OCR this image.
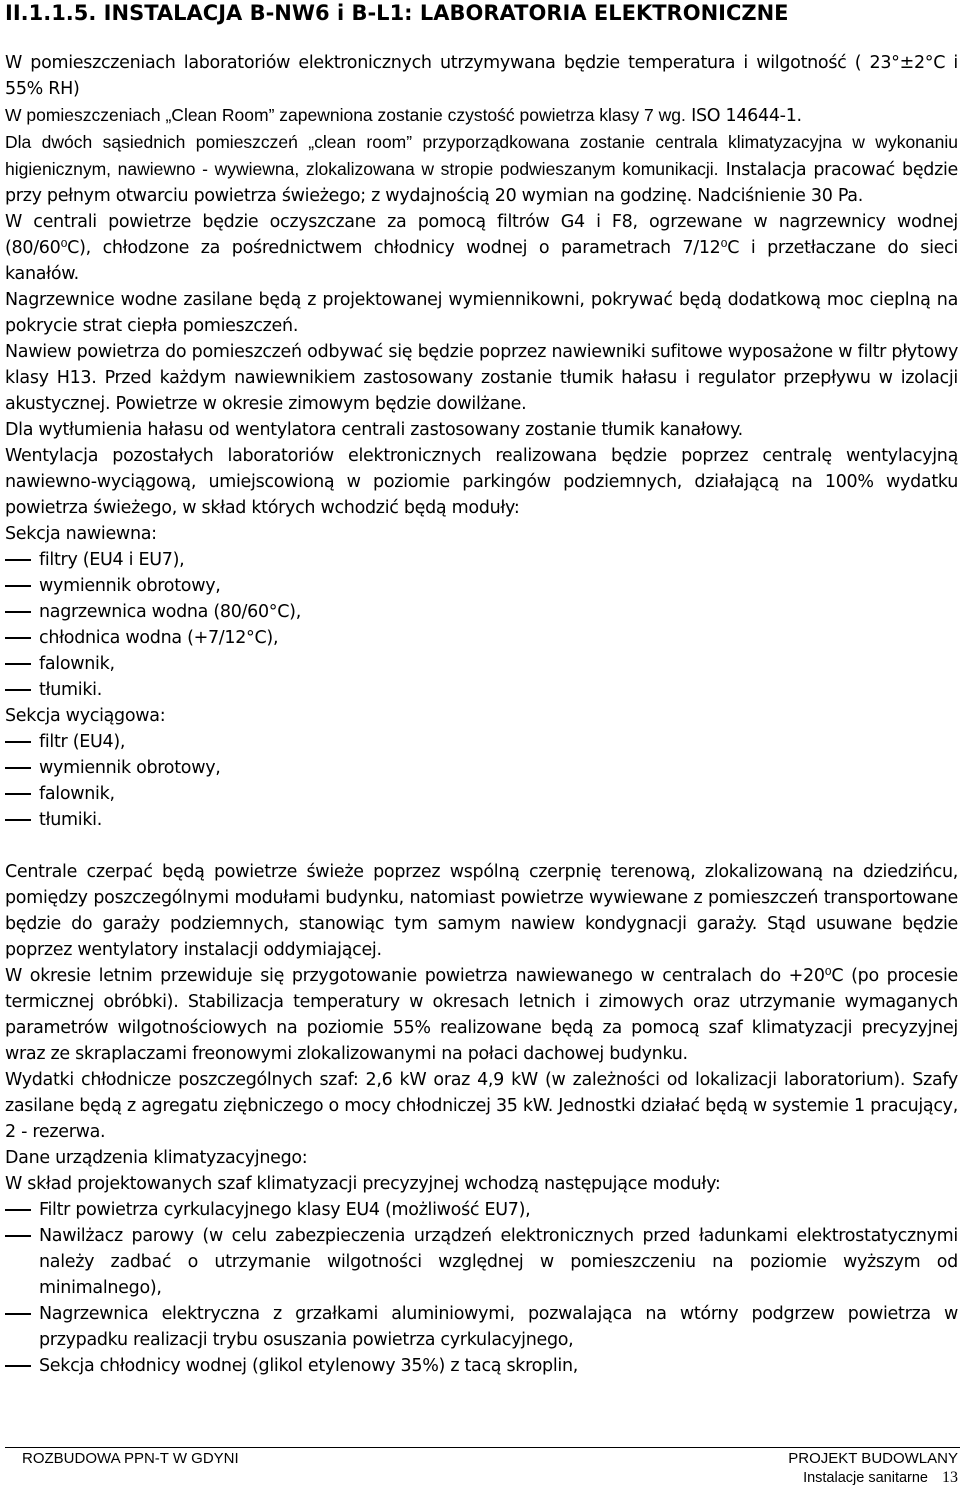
II.1.1.5. INSTALACJA B-NW6 i B-L1: LABORATORIA ELEKTRONICZNE

W pomieszczeniach laboratoriów elektronicznych utrzymywana będzie temperatura i wilgotność ( 23°±2°C i 55% RH)

W pomieszczeniach „Clean Room” zapewniona zostanie czystość powietrza klasy 7 wg. ISO 14644-1.

Dla dwóch sąsiednich pomieszczeń „clean room” przyporządkowana zostanie centrala klimatyzacyjna w wykonaniu higienicznym, nawiewno - wywiewna, zlokalizowana w stropie podwieszanym komunikacji. Instalacja pracować będzie przy pełnym otwarciu powietrza świeżego; z wydajnością 20 wymian na godzinę. Nadciśnienie 30 Pa.

W centrali powietrze będzie oczyszczane za pomocą filtrów G4 i F8, ogrzewane w nagrzewnicy wodnej (80/60⁰C), chłodzone za pośrednictwem chłodnicy wodnej o parametrach 7/12⁰C i przetłaczane do sieci kanałów.

Nagrzewnice wodne zasilane będą z projektowanej wymiennikowni, pokrywać będą dodatkową moc cieplną na pokrycie strat ciepła pomieszczeń.

Nawiew powietrza do pomieszczeń odbywać się będzie poprzez nawiewniki sufitowe wyposażone w filtr płytowy klasy H13. Przed każdym nawiewnikiem zastosowany zostanie tłumik hałasu i regulator przepływu w izolacji akustycznej. Powietrze w okresie zimowym będzie dowilżane.

Dla wytłumienia hałasu od wentylatora centrali zastosowany zostanie tłumik kanałowy.

Wentylacja pozostałych laboratoriów elektronicznych realizowana będzie poprzez centralę wentylacyjną nawiewno-wyciągową, umiejscowioną w poziomie parkingów podziemnych, działającą na 100% wydatku powietrza świeżego, w skład których wchodzić będą moduły:

Sekcja nawiewna:

filtry (EU4 i EU7),
wymiennik obrotowy,
nagrzewnica wodna (80/60°C),
chłodnica wodna (+7/12°C),
falownik,
tłumiki.

Sekcja wyciągowa:

filtr (EU4),
wymiennik obrotowy,
falownik,
tłumiki.

Centrale czerpać będą powietrze świeże poprzez wspólną czerpnię terenową, zlokalizowaną na dziedzińcu, pomiędzy poszczególnymi modułami budynku, natomiast powietrze wywiewane z pomieszczeń transportowane będzie do garaży podziemnych, stanowiąc tym samym nawiew kondygnacji garaży. Stąd usuwane będzie poprzez wentylatory instalacji oddymiającej.

W okresie letnim przewiduje się przygotowanie powietrza nawiewanego w centralach do +20⁰C (po procesie termicznej obróbki). Stabilizacja temperatury w okresach letnich i zimowych oraz utrzymanie wymaganych parametrów wilgotnościowych na poziomie 55% realizowane będą za pomocą szaf klimatyzacji precyzyjnej wraz ze skraplaczami freonowymi zlokalizowanymi na połaci dachowej budynku.

Wydatki chłodnicze poszczególnych szaf: 2,6 kW oraz 4,9 kW (w zależności od lokalizacji laboratorium). Szafy zasilane będą z agregatu ziębniczego o mocy chłodniczej 35 kW. Jednostki działać będą w systemie 1 pracujący, 2 - rezerwa.

Dane urządzenia klimatyzacyjnego:

W skład projektowanych szaf klimatyzacji precyzyjnej wchodzą następujące moduły:

Filtr powietrza cyrkulacyjnego klasy EU4 (możliwość EU7),
Nawilżacz parowy (w celu zabezpieczenia urządzeń elektronicznych przed ładunkami elektrostatycznymi należy zadbać o utrzymanie wilgotności względnej w pomieszczeniu na poziomie wyższym od minimalnego),
Nagrzewnica elektryczna z grzałkami aluminiowymi, pozwalająca na wtórny podgrzew powietrza w przypadku realizacji trybu osuszania powietrza cyrkulacyjnego,
Sekcja chłodnicy wodnej (glikol etylenowy 35%) z tacą skroplin,
ROZBUDOWA PPN-T W GDYNI	PROJEKT BUDOWLANY
Instalacje sanitarne 13
